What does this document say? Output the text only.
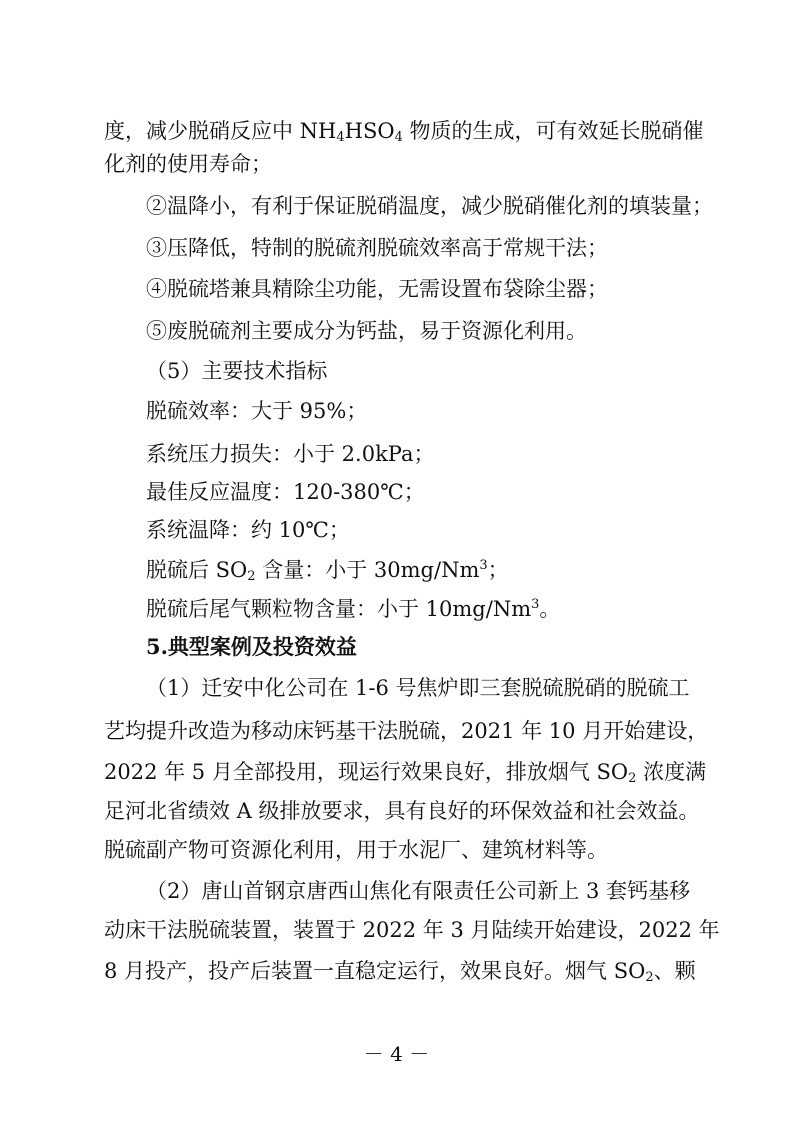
度，减少脱硝反应中 $NH_4HSO_4$ 物质的生成，可有效延长脱硝催
化剂的使用寿命；
②温降小，有利于保证脱硝温度，减少脱硝催化剂的填装量；
③压降低，特制的脱硫剂脱硫效率高于常规干法；
④脱硫塔兼具精除尘功能，无需设置布袋除尘器；
⑤废脱硫剂主要成分为钙盐，易于资源化利用。
（5）主要技术指标
脱硫效率：大于 95%；
系统压力损失：小于 2.0kPa；
最佳反应温度：120-380℃；
系统温降：约 10℃；
脱硫后 $SO_2$ 含量：小于 30mg/Nm$^3$；
脱硫后尾气颗粒物含量：小于 10mg/Nm$^3$。
5.典型案例及投资效益
（1）迁安中化公司在 1-6 号焦炉即三套脱硫脱硝的脱硫工
艺均提升改造为移动床钙基干法脱硫，2021 年 10 月开始建设，
2022 年 5 月全部投用，现运行效果良好，排放烟气 $SO_2$ 浓度满
足河北省绩效 A 级排放要求，具有良好的环保效益和社会效益。
脱硫副产物可资源化利用，用于水泥厂、建筑材料等。
（2）唐山首钢京唐西山焦化有限责任公司新上 3 套钙基移
动床干法脱硫装置，装置于 2022 年 3 月陆续开始建设，2022 年
8 月投产，投产后装置一直稳定运行，效果良好。烟气 $SO_2$、颗
－ 4 －
